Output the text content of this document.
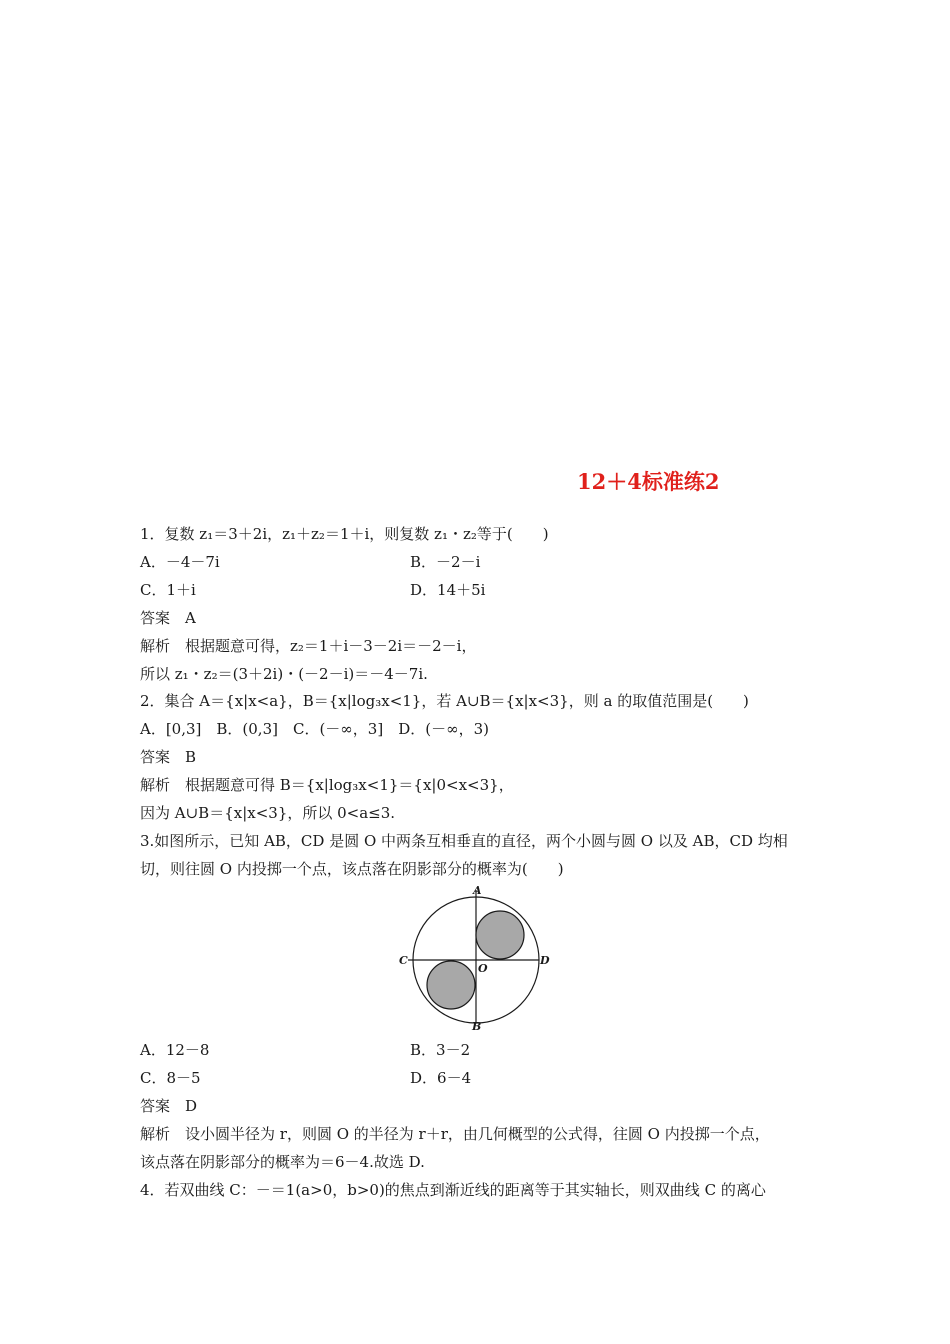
12＋4标准练2
1．复数 z₁＝3＋2i，z₁＋z₂＝1＋i，则复数 z₁・z₂等于(　　)
A．－4－7i	B．－2－i
C．1＋i	D．14＋5i
答案　A
解析　根据题意可得，z₂＝1＋i－3－2i＝－2－i，
所以 z₁・z₂＝(3＋2i)・(－2－i)＝－4－7i.
2．集合 A＝{x|x<a}，B＝{x|log₃x<1}，若 A∪B＝{x|x<3}，则 a 的取值范围是(　　)
A．[0,3]　B．(0,3]　C．(－∞，3]　D．(－∞，3)
答案　B
解析　根据题意可得 B＝{x|log₃x<1}＝{x|0<x<3}，
因为 A∪B＝{x|x<3}，所以 0<a≤3.
3.如图所示，已知 AB，CD 是圆 O 中两条互相垂直的直径，两个小圆与圆 O 以及 AB，CD 均相
切，则往圆 O 内投掷一个点，该点落在阴影部分的概率为(　　)
A
B
C	D
O
A．12－8	B．3－2
C．8－5	D．6－4
答案　D
解析　设小圆半径为 r，则圆 O 的半径为 r＋r，由几何概型的公式得，往圆 O 内投掷一个点，
该点落在阴影部分的概率为＝6－4.故选 D.
4．若双曲线 C：－＝1(a>0，b>0)的焦点到渐近线的距离等于其实轴长，则双曲线 C 的离心
